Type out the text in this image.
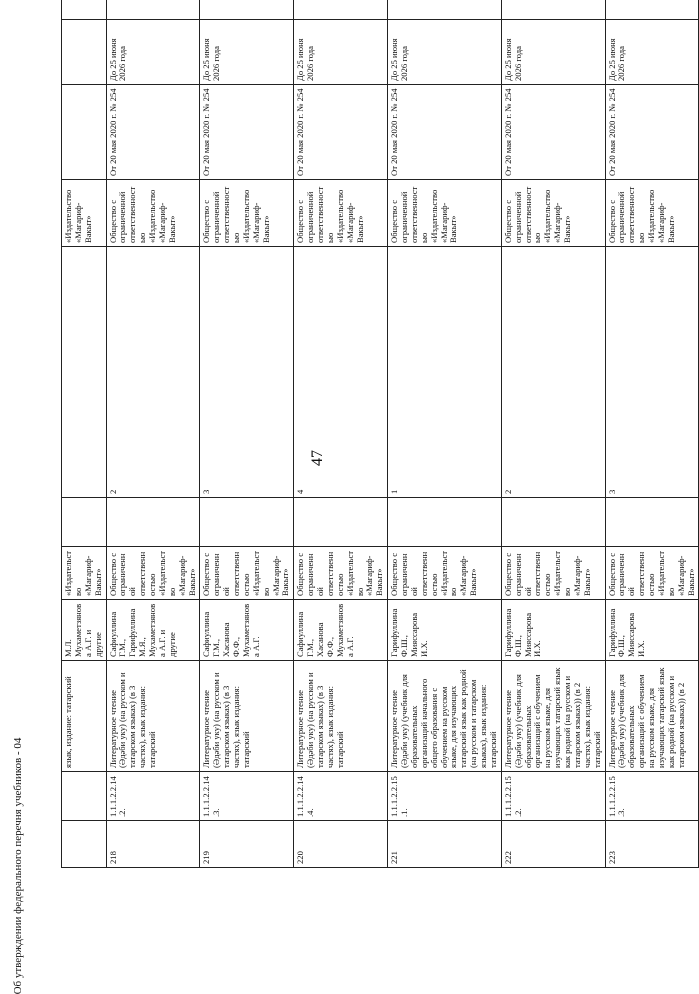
47
		язык, издание: татарский	М.Л. Мухаметзянова А.Г. и другие	«Издательство «Магариф-Вакыт»			«Издательство «Магариф-Вакыт»			
218	1.1.1.2.2.14.2.	Литературное чтение (Әдәби уку) (на русском и татарском языках) (в 3 частях), язык издания: татарский	Сафиуллина Г.М., Гарифуллина М.Я., Мухаметзянова А.Г. и другие	Общество с ограниченной ответственностью «Издательство «Магариф-Вакыт»		2	Общество с ограниченной ответственностью «Издательство «Магариф-Вакыт»	От 20 мая 2020 г. № 254	До 25 июня 2026 года	
219	1.1.1.2.2.14.3.	Литературное чтение (Әдәби уку) (на русском и татарском языках) (в 3 частях), язык издания: татарский	Сафиуллина Г.М., Хасанова Ф.Ф., Мухаметзянова А.Г.	Общество с ограниченной ответственностью «Издательство «Магариф-Вакыт»		3	Общество с ограниченной ответственностью «Издательство «Магариф-Вакыт»	От 20 мая 2020 г. № 254	До 25 июня 2026 года	
220	1.1.1.2.2.14.4.	Литературное чтение (Әдәби уку) (на русском и татарском языках) (в 3 частях), язык издания: татарский	Сафиуллина Г.М., Хасанова Ф.Ф., Мухаметзянова А.Г.	Общество с ограниченной ответственностью «Издательство «Магариф-Вакыт»		4	Общество с ограниченной ответственностью «Издательство «Магариф-Вакыт»	От 20 мая 2020 г. № 254	До 25 июня 2026 года	
221	1.1.1.2.2.15.1.	Литературное чтение (Әдәби уку) (учебник для образовательных организаций начального общего образования с обучением на русском языке, для изучающих татарский язык как родной (на русском и татарском языках), язык издания: татарский	Гарифуллина Ф.Ш., Мияссарова И.Х.	Общество с ограниченной ответственностью «Издательство «Магариф-Вакыт»		1	Общество с ограниченной ответственностью «Издательство «Магариф-Вакыт»	От 20 мая 2020 г. № 254	До 25 июня 2026 года	
222	1.1.1.2.2.15.2.	Литературное чтение (Әдәби уку) (учебник для образовательных организаций с обучением на русском языке, для изучающих татарский язык как родной (на русском и татарском языках)) (в 2 частях), язык издания: татарский	Гарифуллина Ф.Ш., Мияссарова И.Х.	Общество с ограниченной ответственностью «Издательство «Магариф-Вакыт»		2	Общество с ограниченной ответственностью «Издательство «Магариф-Вакыт»	От 20 мая 2020 г. № 254	До 25 июня 2026 года	
223	1.1.1.2.2.15.3.	Литературное чтение (Әдәби уку) (учебник для образовательных организаций с обучением на русском языке, для изучающих татарский язык как родной (на русском и татарском языках)) (в 2	Гарифуллина Ф.Ш., Мияссарова И.Х.	Общество с ограниченной ответственностью «Издательство «Магариф-Вакыт»		3	Общество с ограниченной ответственностью «Издательство «Магариф-Вакыт»	От 20 мая 2020 г. № 254	До 25 июня 2026 года	
Об утверждении федерального перечня учебников - 04
